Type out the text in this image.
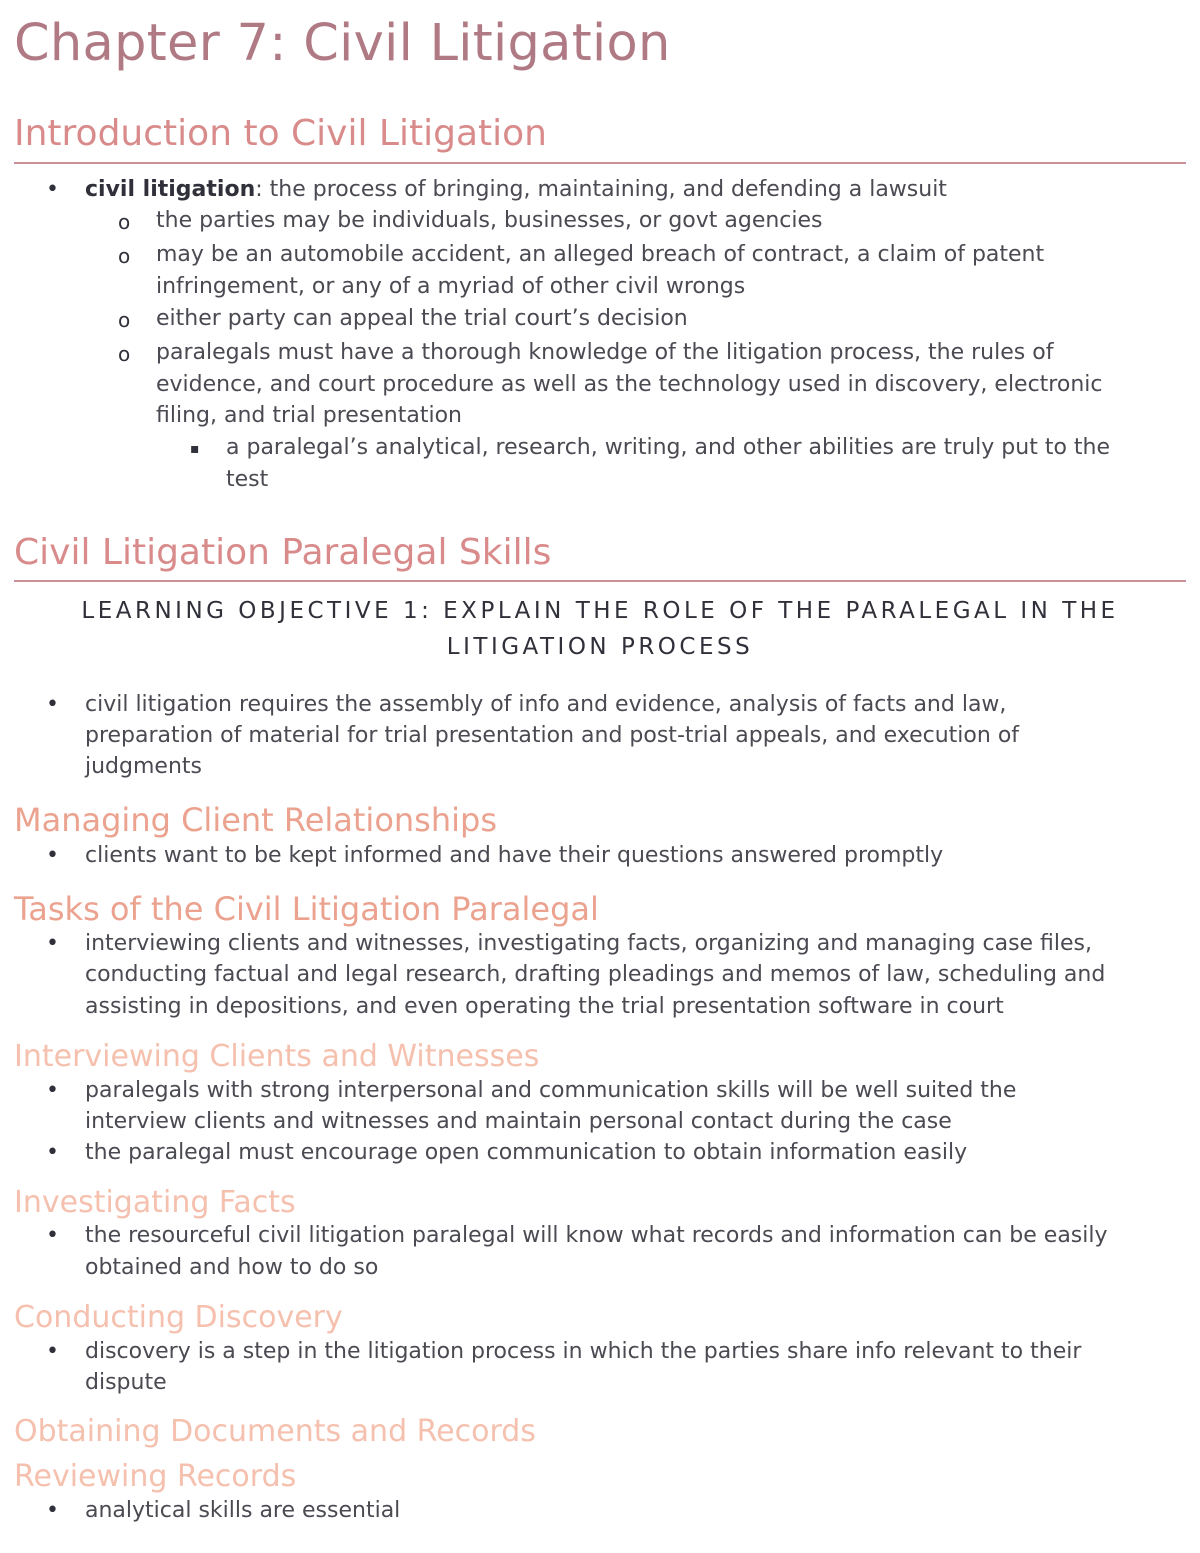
Chapter 7: Civil Litigation
Introduction to Civil Litigation
• civil litigation: the process of bringing, maintaining, and defending a lawsuit
o the parties may be individuals, businesses, or govt agencies
o may be an automobile accident, an alleged breach of contract, a claim of patent
infringement, or any of a myriad of other civil wrongs
o either party can appeal the trial court’s decision
o paralegals must have a thorough knowledge of the litigation process, the rules of
evidence, and court procedure as well as the technology used in discovery, electronic
filing, and trial presentation
▪ a paralegal’s analytical, research, writing, and other abilities are truly put to the
test
Civil Litigation Paralegal Skills
LEARNING OBJECTIVE 1: EXPLAIN THE ROLE OF THE PARALEGAL IN THE
LITIGATION PROCESS
• civil litigation requires the assembly of info and evidence, analysis of facts and law,
preparation of material for trial presentation and post-trial appeals, and execution of
judgments
Managing Client Relationships
• clients want to be kept informed and have their questions answered promptly
Tasks of the Civil Litigation Paralegal
• interviewing clients and witnesses, investigating facts, organizing and managing case files,
conducting factual and legal research, drafting pleadings and memos of law, scheduling and
assisting in depositions, and even operating the trial presentation software in court
Interviewing Clients and Witnesses
• paralegals with strong interpersonal and communication skills will be well suited the
interview clients and witnesses and maintain personal contact during the case
• the paralegal must encourage open communication to obtain information easily
Investigating Facts
• the resourceful civil litigation paralegal will know what records and information can be easily
obtained and how to do so
Conducting Discovery
• discovery is a step in the litigation process in which the parties share info relevant to their
dispute
Obtaining Documents and Records
Reviewing Records
• analytical skills are essential
